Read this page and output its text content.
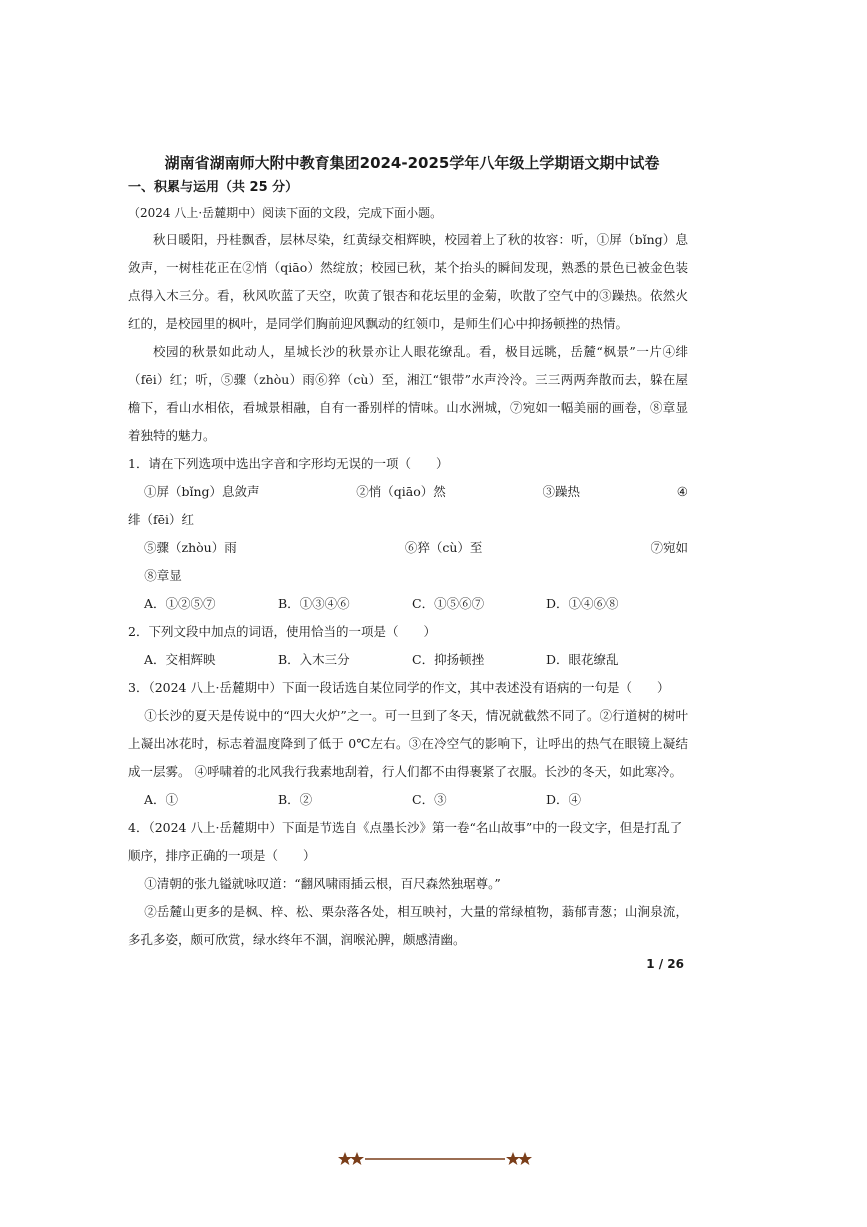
湖南省湖南师大附中教育集团2024-2025学年八年级上学期语文期中试卷
一、积累与运用（共 25 分）
（2024 八上·岳麓期中）阅读下面的文段，完成下面小题。

秋日暖阳，丹桂飘香，层林尽染，红黄绿交相辉映，校园着上了秋的妆容：听，①屏（bǐng）息敛声，一树桂花正在②悄（qiāo）然绽放；校园已秋，某个抬头的瞬间发现，熟悉的景色已被金色装点得入木三分。看，秋风吹蓝了天空，吹黄了银杏和花坛里的金菊，吹散了空气中的③躁热。依然火红的，是校园里的枫叶，是同学们胸前迎风飘动的红领巾，是师生们心中抑扬顿挫的热情。

校园的秋景如此动人，星城长沙的秋景亦让人眼花缭乱。看，极目远眺，岳麓“枫景”一片④绯（fēi）红；听，⑤骤（zhòu）雨⑥猝（cù）至，湘江“银带”水声泠泠。三三两两奔散而去，躲在屋檐下，看山水相依，看城景相融，自有一番别样的情味。山水洲城，⑦宛如一幅美丽的画卷，⑧章显着独特的魅力。

1．请在下列选项中选出字音和字形均无误的一项（　　）

①屏（bǐng）息敛声	②悄（qiāo）然	③躁热	④

绯（fēi）红

⑤骤（zhòu）雨	⑥猝（cù）至	⑦宛如

⑧章显

A．①②⑤⑦	B．①③④⑥	C．①⑤⑥⑦	D．①④⑥⑧

2．下列文段中加点的词语，使用恰当的一项是（　　）

A．交相辉映	B．入木三分	C．抑扬顿挫	D．眼花缭乱

3．（2024 八上·岳麓期中）下面一段话选自某位同学的作文，其中表述没有语病的一句是（　　）

①长沙的夏天是传说中的“四大火炉”之一。可一旦到了冬天，情况就截然不同了。②行道树的树叶上凝出冰花时，标志着温度降到了低于 0℃左右。③在冷空气的影响下，让呼出的热气在眼镜上凝结成一层雾。 ④呼啸着的北风我行我素地刮着，行人们都不由得裹紧了衣服。长沙的冬天，如此寒冷。

A．①	B．②	C．③	D．④

4．（2024 八上·岳麓期中）下面是节选自《点墨长沙》第一卷“名山故事”中的一段文字，但是打乱了顺序，排序正确的一项是（　　）

①清朝的张九镒就咏叹道：“翻风啸雨插云根，百尺森然独琚尊。”

②岳麓山更多的是枫、梓、松、栗杂落各处，相互映衬，大量的常绿植物，蓊郁青葱；山涧泉流，多孔多姿，颇可欣赏，绿水终年不涸，润喉沁脾，颇感清幽。

1 / 26
